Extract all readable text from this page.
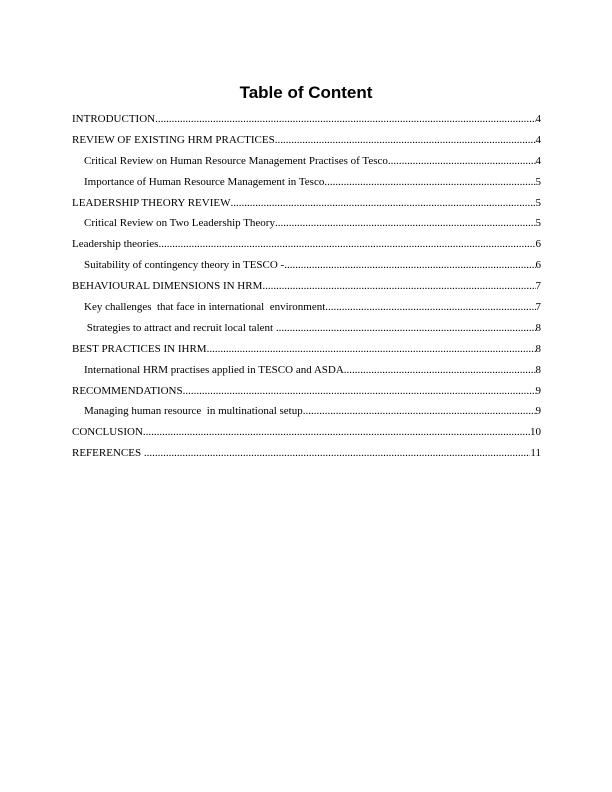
Table of Content
INTRODUCTION .....	4
REVIEW OF EXISTING HRM PRACTICES .....	4
Critical Review on Human Resource Management Practises of Tesco .....	4
Importance of Human Resource Management in Tesco .....	5
LEADERSHIP THEORY REVIEW .....	5
Critical Review on Two Leadership Theory .....	5
Leadership theories .....	6
Suitability of contingency theory in TESCO - .....	6
BEHAVIOURAL DIMENSIONS IN HRM .....	7
Key challenges  that face in international  environment .....	7
Strategies to attract and recruit local talent .....	8
BEST PRACTICES IN IHRM .....	8
International HRM practises applied in TESCO and ASDA .....	8
RECOMMENDATIONS .....	9
Managing human resource  in multinational setup .....	9
CONCLUSION .....	10
REFERENCES .....	11
